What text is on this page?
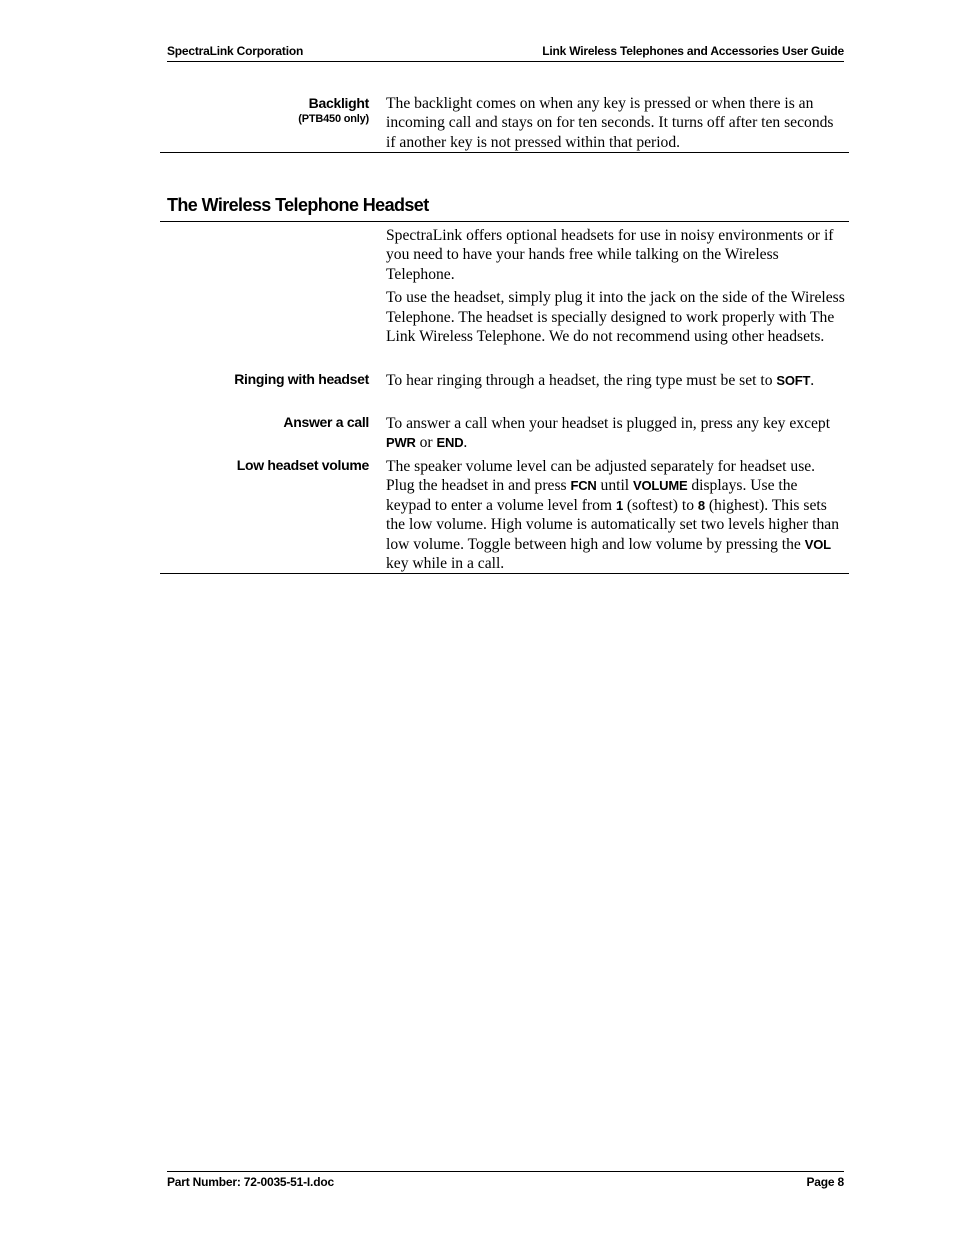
SpectraLink Corporation	Link Wireless Telephones and Accessories User Guide
Backlight
(PTB450 only)

The backlight comes on when any key is pressed or when there is an incoming call and stays on for ten seconds. It turns off after ten seconds if another key is not pressed within that period.

The Wireless Telephone Headset

SpectraLink offers optional headsets for use in noisy environments or if you need to have your hands free while talking on the Wireless Telephone.

To use the headset, simply plug it into the jack on the side of the Wireless Telephone. The headset is specially designed to work properly with The Link Wireless Telephone. We do not recommend using other headsets.

Ringing with headset To hear ringing through a headset, the ring type must be set to SOFT.

Answer a call To answer a call when your headset is plugged in, press any key except PWR or END.

Low headset volume The speaker volume level can be adjusted separately for headset use. Plug the headset in and press FCN until VOLUME displays. Use the keypad to enter a volume level from 1 (softest) to 8 (highest). This sets the low volume. High volume is automatically set two levels higher than low volume. Toggle between high and low volume by pressing the VOL key while in a call.

Part Number: 72-0035-51-I.doc	Page 8
